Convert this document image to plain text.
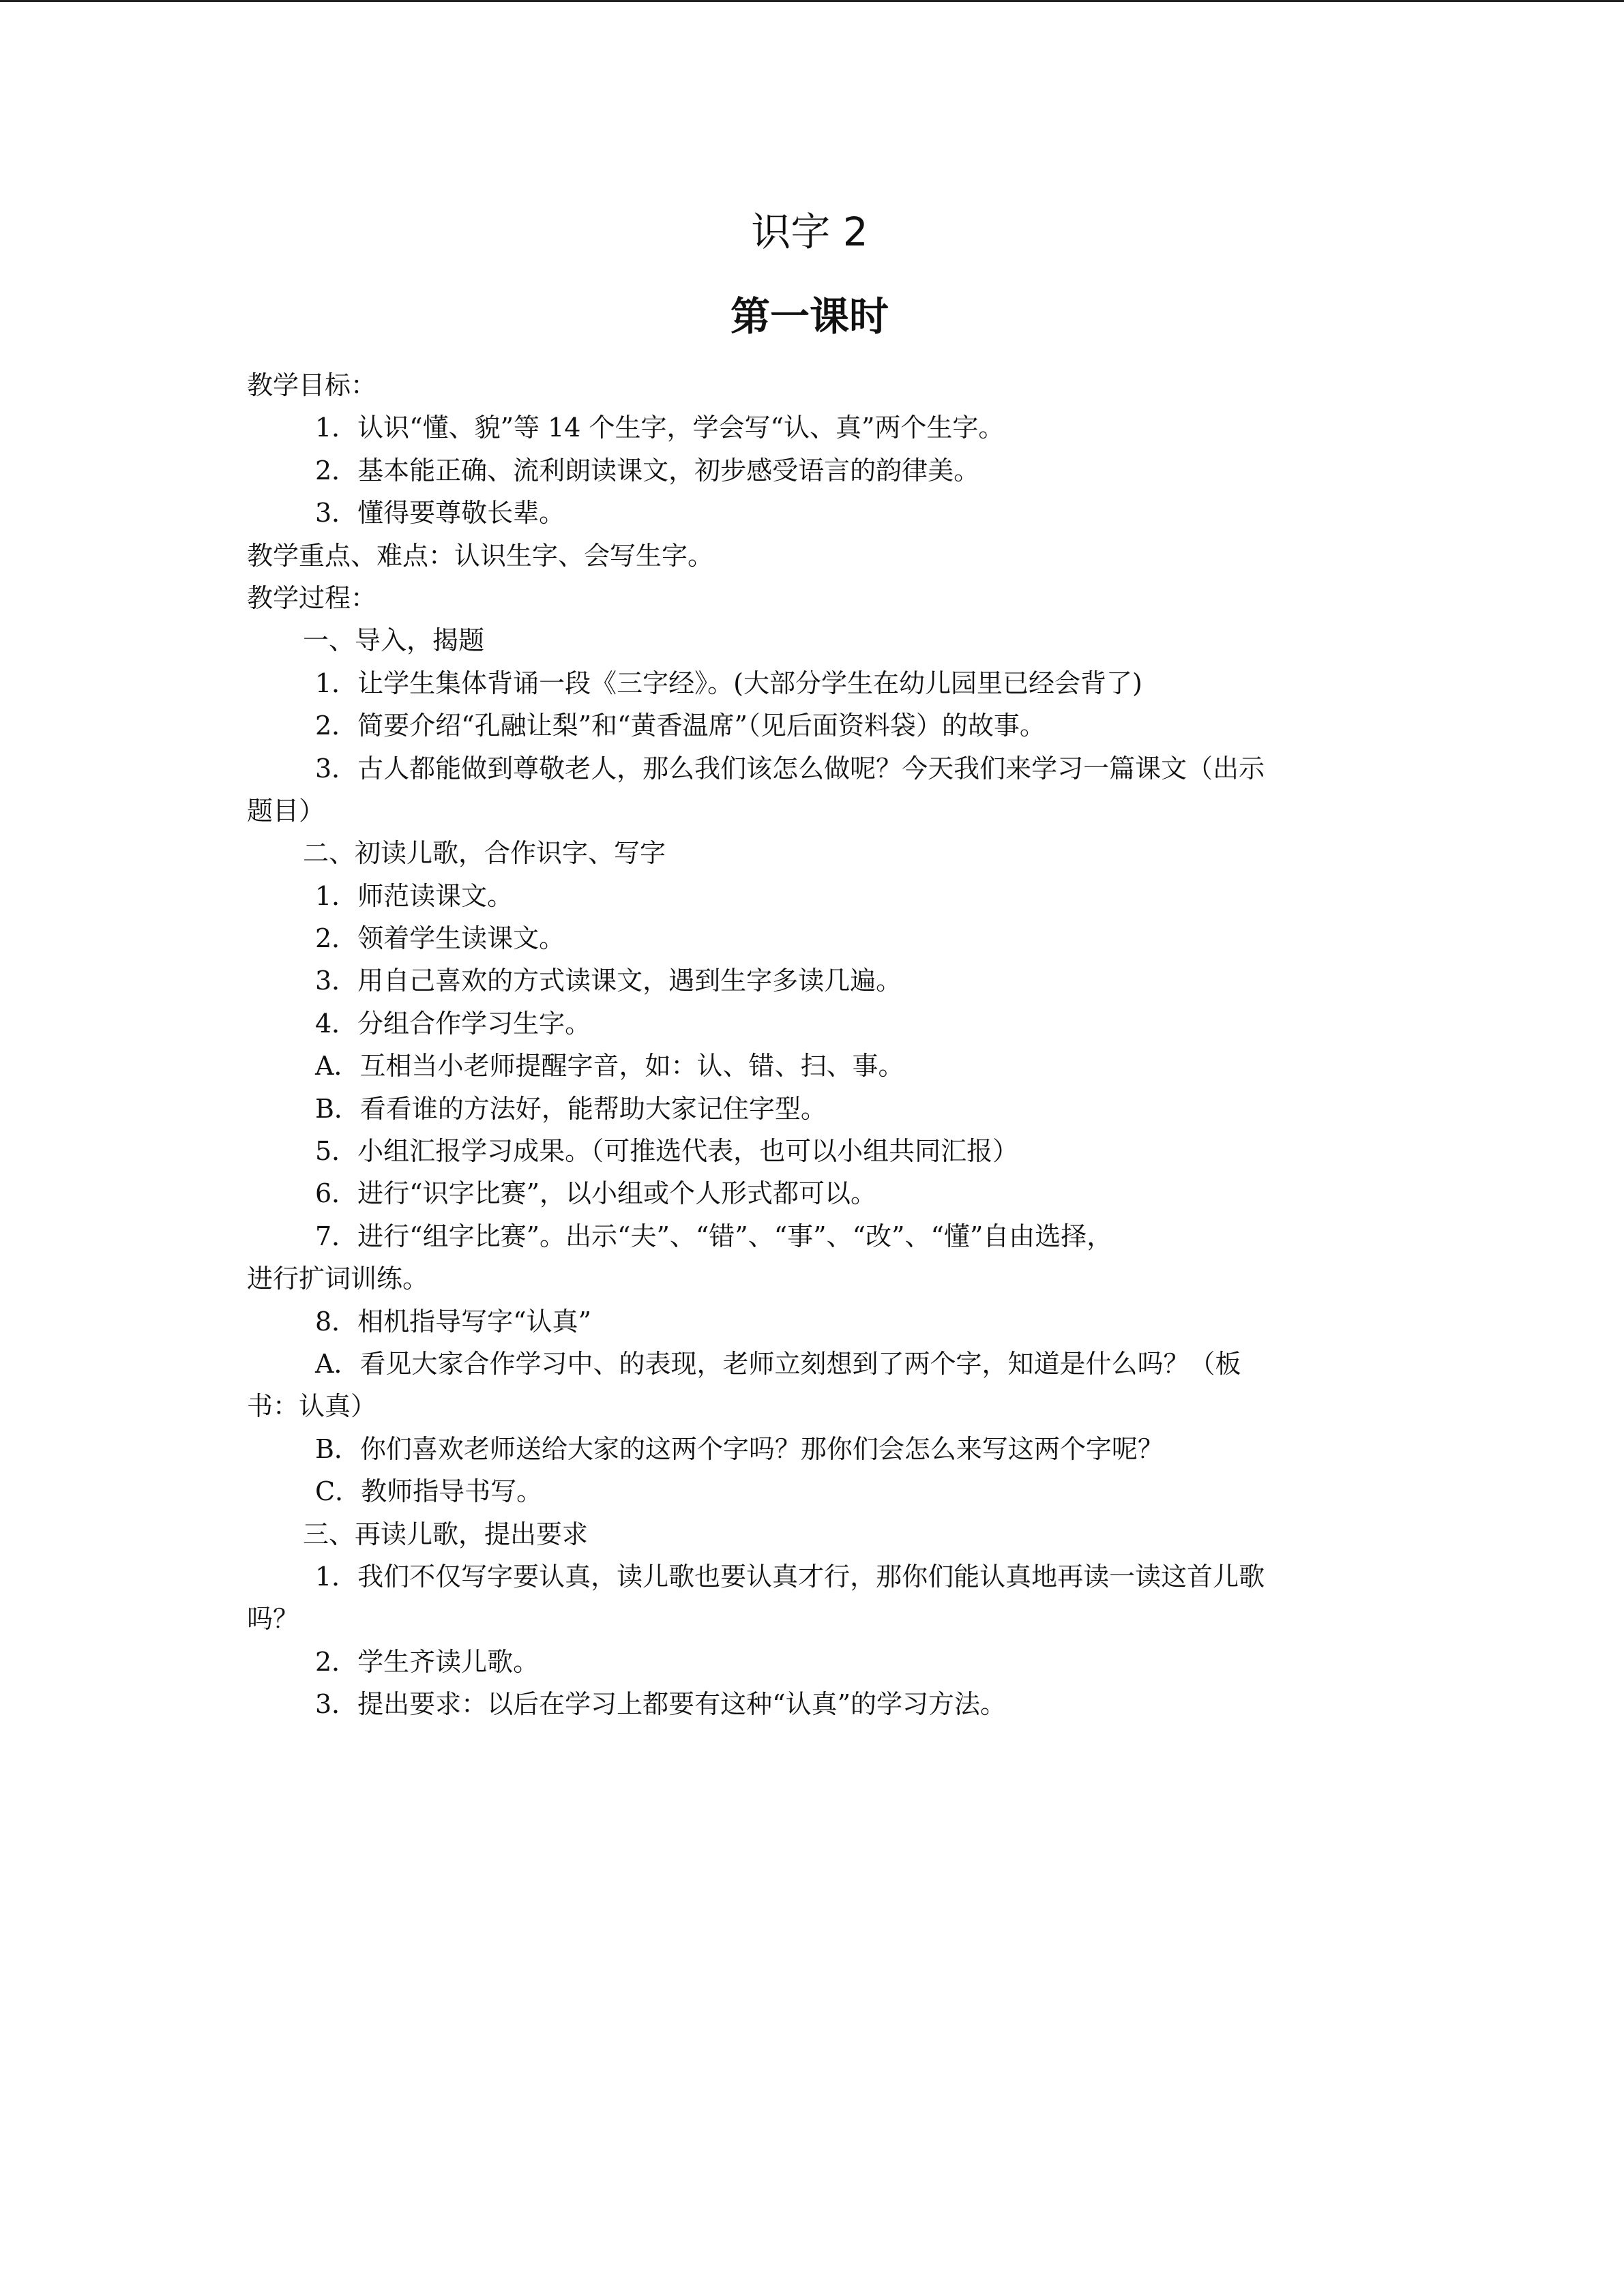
识字 2
第一课时
教学目标：
1．认识“懂、貌”等 14 个生字，学会写“认、真”两个生字。
2．基本能正确、流利朗读课文，初步感受语言的韵律美。
3．懂得要尊敬长辈。
教学重点、难点：认识生字、会写生字。
教学过程：
一、导入，揭题
1．让学生集体背诵一段《三字经》。(大部分学生在幼儿园里已经会背了)
2．简要介绍“孔融让梨”和“黄香温席”（见后面资料袋）的故事。
3．古人都能做到尊敬老人，那么我们该怎么做呢？今天我们来学习一篇课文（出示
题目）
二、初读儿歌，合作识字、写字
1．师范读课文。
2．领着学生读课文。
3．用自己喜欢的方式读课文，遇到生字多读几遍。
4．分组合作学习生字。
A．互相当小老师提醒字音，如：认、错、扫、事。
B．看看谁的方法好，能帮助大家记住字型。
5．小组汇报学习成果。（可推选代表，也可以小组共同汇报）
6．进行“识字比赛”，以小组或个人形式都可以。
7．进行“组字比赛”。出示“夫”、“错”、“事”、“改”、“懂”自由选择，
进行扩词训练。
8．相机指导写字“认真”
A．看见大家合作学习中、的表现，老师立刻想到了两个字，知道是什么吗？（板
书：认真）
B．你们喜欢老师送给大家的这两个字吗？那你们会怎么来写这两个字呢？
C．教师指导书写。
三、再读儿歌，提出要求
1．我们不仅写字要认真，读儿歌也要认真才行，那你们能认真地再读一读这首儿歌
吗？
2．学生齐读儿歌。
3．提出要求：以后在学习上都要有这种“认真”的学习方法。
